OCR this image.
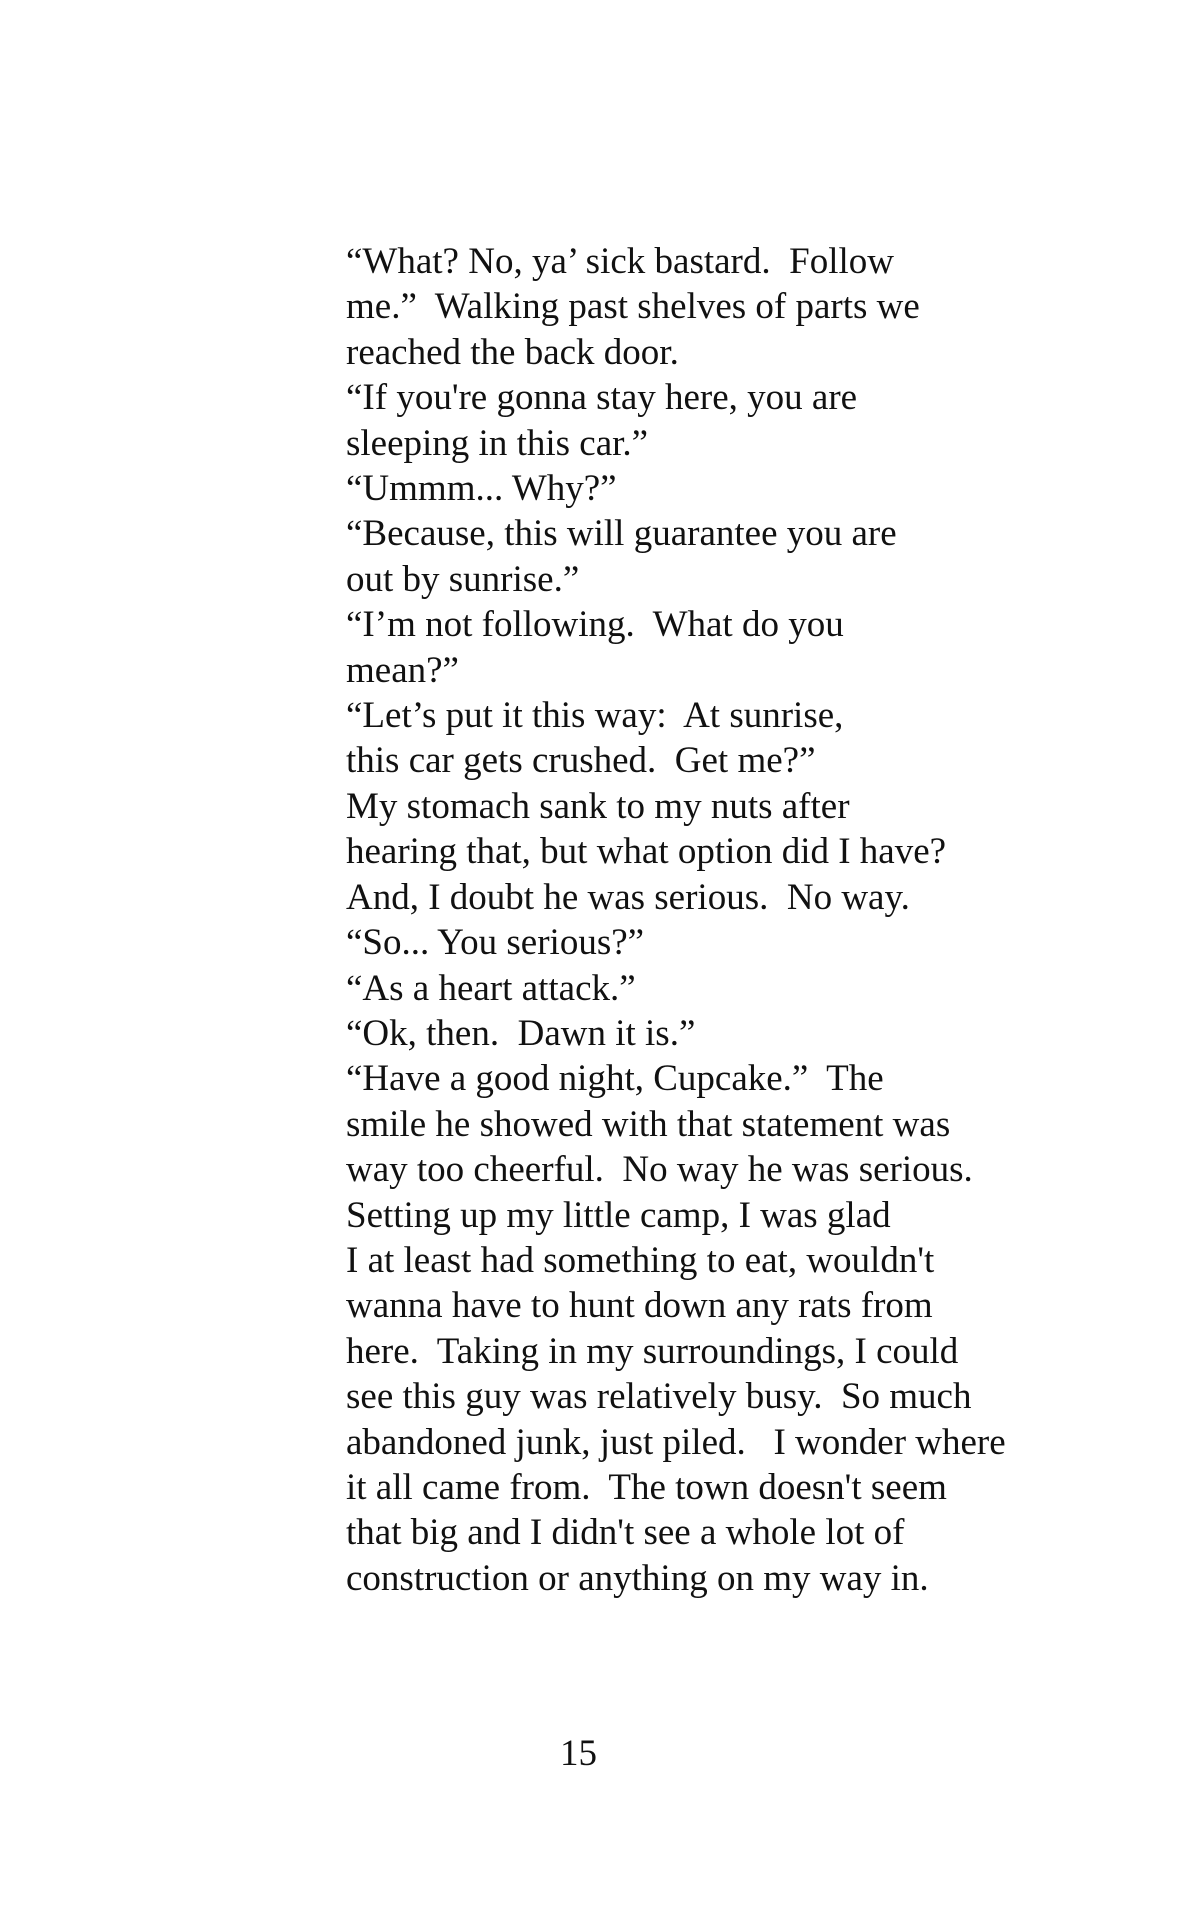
“What? No, ya’ sick bastard.  Follow
me.”  Walking past shelves of parts we
reached the back door.

“If you're gonna stay here, you are
sleeping in this car.”

“Ummm... Why?”

“Because, this will guarantee you are
out by sunrise.”

“I’m not following.  What do you
mean?”

“Let’s put it this way:  At sunrise,
this car gets crushed.  Get me?”

My stomach sank to my nuts after
hearing that, but what option did I have?
And, I doubt he was serious.  No way.

“So... You serious?”

“As a heart attack.”

“Ok, then.  Dawn it is.”

“Have a good night, Cupcake.”  The
smile he showed with that statement was
way too cheerful.  No way he was serious.

Setting up my little camp, I was glad
I at least had something to eat, wouldn't
wanna have to hunt down any rats from
here.  Taking in my surroundings, I could
see this guy was relatively busy.  So much
abandoned junk, just piled.   I wonder where
it all came from.  The town doesn't seem
that big and I didn't see a whole lot of
construction or anything on my way in.

15
